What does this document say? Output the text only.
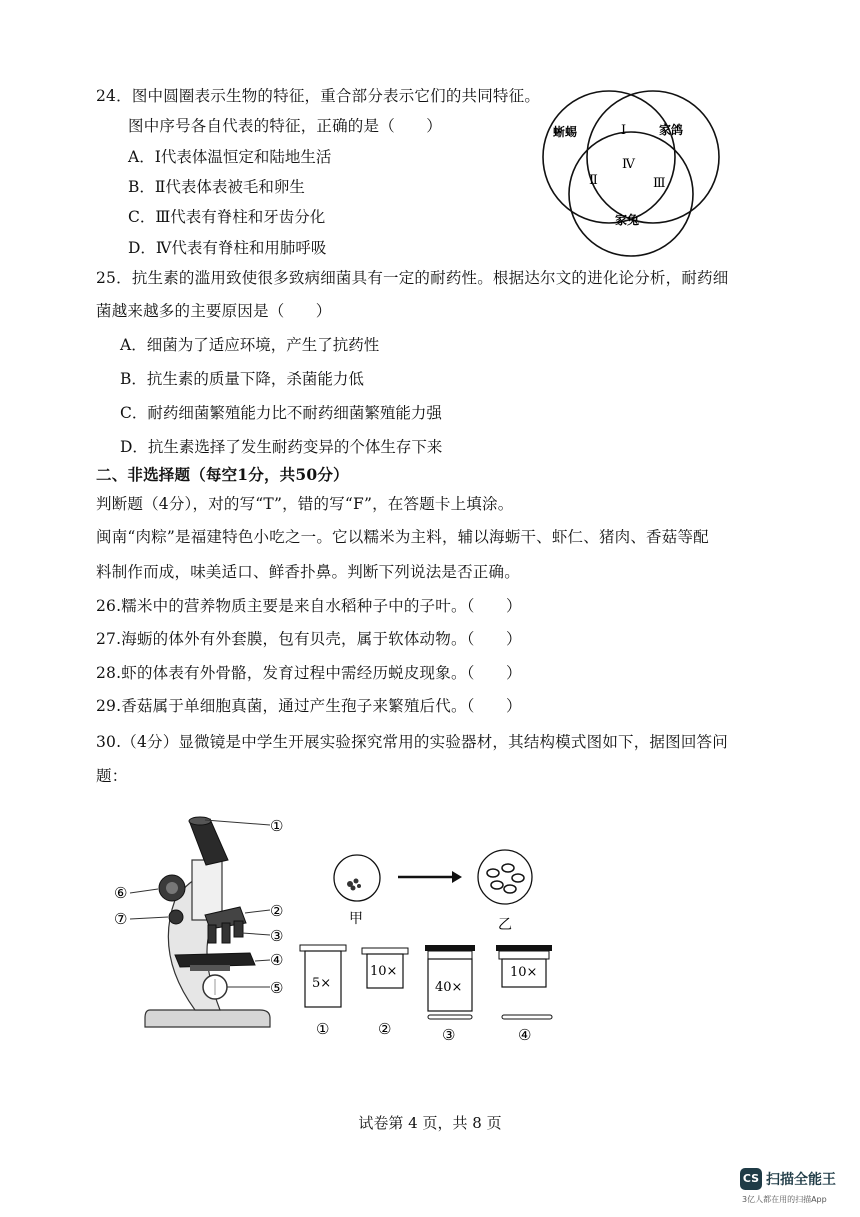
24．图中圆圈表示生物的特征，重合部分表示它们的共同特征。
图中序号各自代表的特征，正确的是（　　）
A．Ⅰ代表体温恒定和陆地生活
B．Ⅱ代表体表被毛和卵生
C．Ⅲ代表有脊柱和牙齿分化
D．Ⅳ代表有脊柱和用肺呼吸
蜥蜴	家鸽
家兔
Ⅰ
Ⅱ	Ⅲ
Ⅳ
25．抗生素的滥用致使很多致病细菌具有一定的耐药性。根据达尔文的进化论分析，耐药细
菌越来越多的主要原因是（　　）
A．细菌为了适应环境，产生了抗药性
B．抗生素的质量下降，杀菌能力低
C．耐药细菌繁殖能力比不耐药细菌繁殖能力强
D．抗生素选择了发生耐药变异的个体生存下来
二、非选择题（每空1分，共50分）
判断题（4分），对的写“T”，错的写“F”，在答题卡上填涂。
闽南“肉粽”是福建特色小吃之一。它以糯米为主料，辅以海蛎干、虾仁、猪肉、香菇等配
料制作而成，味美适口、鲜香扑鼻。判断下列说法是否正确。
26.糯米中的营养物质主要是来自水稻种子中的子叶。（　　）
27.海蛎的体外有外套膜，包有贝壳，属于软体动物。（　　）
28.虾的体表有外骨骼，发育过程中需经历蜕皮现象。（　　）
29.香菇属于单细胞真菌，通过产生孢子来繁殖后代。（　　）
30.（4分）显微镜是中学生开展实验探究常用的实验器材，其结构模式图如下，据图回答问
题：
①
②
③
④
⑤
⑥
⑦	甲	乙
5×
①
10×
②
40×
③
10×
④
试卷第 4 页，共 8 页
CS 扫描全能王
3亿人都在用的扫描App
